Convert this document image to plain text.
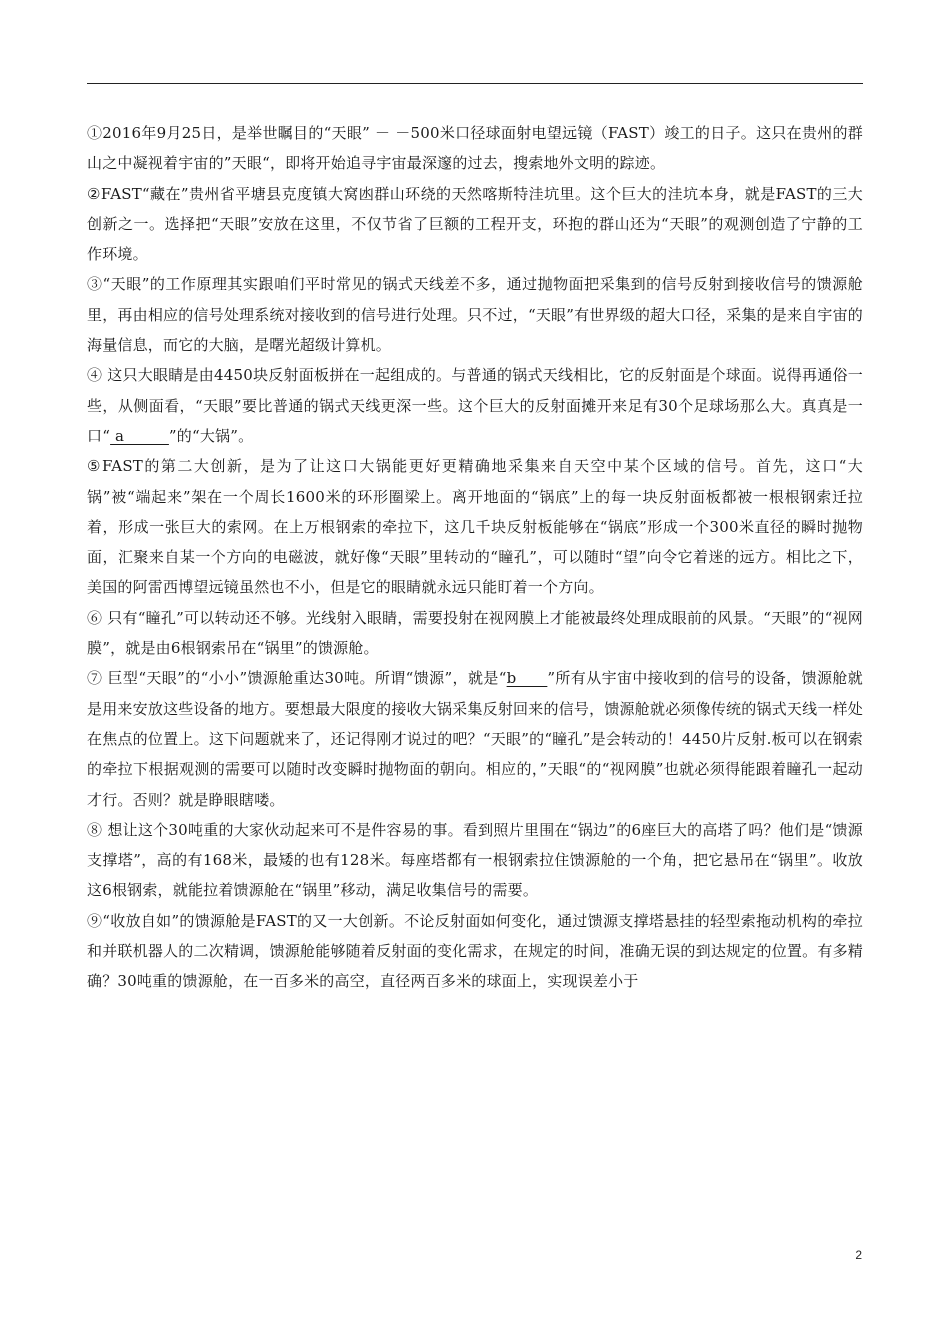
①2016年9月25日，是举世瞩目的“天眼” － －500米口径球面射电望远镜（FAST）竣工的日子。这只在贵州的群山之中凝视着宇宙的”天眼“，即将开始追寻宇宙最深邃的过去，搜索地外文明的踪迹。

②FAST“藏在”贵州省平塘县克度镇大窝凼群山环绕的天然喀斯特洼坑里。这个巨大的洼坑本身，就是FAST的三大创新之一。选择把“天眼”安放在这里，不仅节省了巨额的工程开支，环抱的群山还为“天眼”的观测创造了宁静的工作环境。

③“天眼”的工作原理其实跟咱们平时常见的锅式天线差不多，通过抛物面把采集到的信号反射到接收信号的馈源舱里，再由相应的信号处理系统对接收到的信号进行处理。只不过，“天眼”有世界级的超大口径，采集的是来自宇宙的海量信息，而它的大脑，是曙光超级计算机。

④ 这只大眼睛是由4450块反射面板拼在一起组成的。与普通的锅式天线相比，它的反射面是个球面。说得再通俗一些，从侧面看，“天眼”要比普通的锅式天线更深一些。这个巨大的反射面摊开来足有30个足球场那么大。真真是一口“ a         ”的“大锅”。

⑤FAST的第二大创新，是为了让这口大锅能更好更精确地采集来自天空中某个区域的信号。首先，这口“大锅”被“端起来”架在一个周长1600米的环形圈梁上。离开地面的“锅底”上的每一块反射面板都被一根根钢索迁拉着，形成一张巨大的索网。在上万根钢索的牵拉下，这几千块反射板能够在“锅底”形成一个300米直径的瞬时抛物面，汇聚来自某一个方向的电磁波，就好像“天眼”里转动的“瞳孔”，可以随时“望”向令它着迷的远方。相比之下，美国的阿雷西博望远镜虽然也不小，但是它的眼睛就永远只能盯着一个方向。

⑥ 只有“瞳孔”可以转动还不够。光线射入眼睛，需要投射在视网膜上才能被最终处理成眼前的风景。“天眼”的“视网膜”，就是由6根钢索吊在“锅里”的馈源舱。

⑦ 巨型“天眼”的“小小”馈源舱重达30吨。所谓“馈源”，就是“b      ”所有从宇宙中接收到的信号的设备，馈源舱就是用来安放这些设备的地方。要想最大限度的接收大锅采集反射回来的信号，馈源舱就必须像传统的锅式天线一样处在焦点的位置上。这下问题就来了，还记得刚才说过的吧？“天眼”的“瞳孔”是会转动的！4450片反射.板可以在钢索的牵拉下根据观测的需要可以随时改变瞬时抛物面的朝向。相应的，”天眼“的“视网膜”也就必须得能跟着瞳孔一起动才行。否则？就是睁眼瞎喽。

⑧ 想让这个30吨重的大家伙动起来可不是件容易的事。看到照片里围在“锅边”的6座巨大的高塔了吗？他们是“馈源支撑塔”，高的有168米，最矮的也有128米。每座塔都有一根钢索拉住馈源舱的一个角，把它悬吊在“锅里”。收放这6根钢索，就能拉着馈源舱在“锅里”移动，满足收集信号的需要。

⑨“收放自如”的馈源舱是FAST的又一大创新。不论反射面如何变化，通过馈源支撑塔悬挂的轻型索拖动机构的牵拉和并联机器人的二次精调，馈源舱能够随着反射面的变化需求，在规定的时间，准确无误的到达规定的位置。有多精确？30吨重的馈源舱，在一百多米的高空，直径两百多米的球面上，实现误差小于

2
